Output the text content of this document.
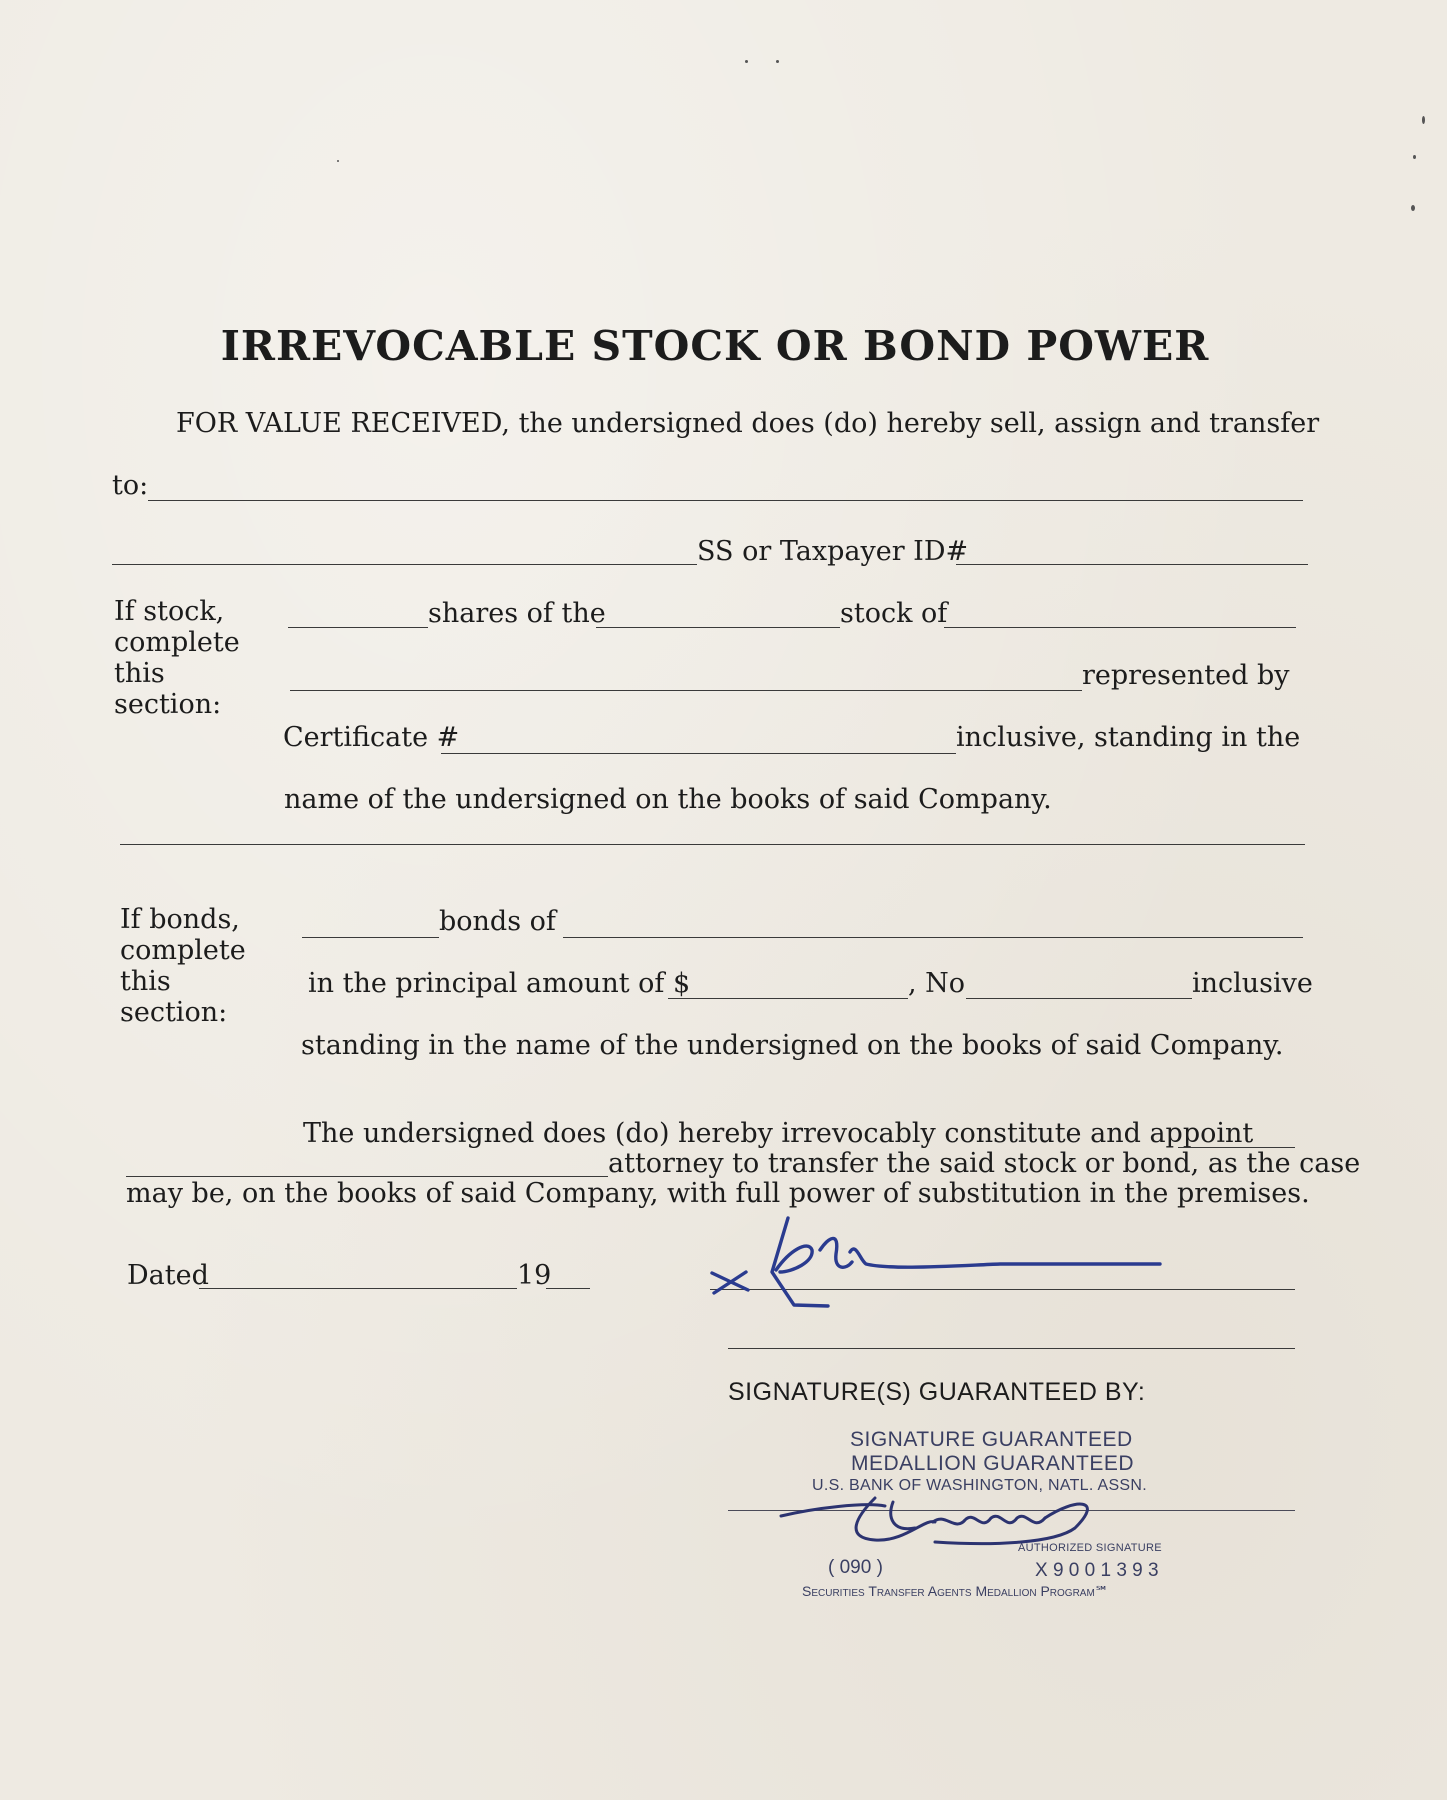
IRREVOCABLE STOCK OR BOND POWER
FOR VALUE RECEIVED, the undersigned does (do) hereby sell, assign and transfer
to:
SS or Taxpayer ID#
If stock,
complete
this
section:
shares of the	stock of
represented by
Certificate #	inclusive, standing in the
name of the undersigned on the books of said Company.
If bonds,
complete
this
section:
bonds of
in the principal amount of $	, No	inclusive
standing in the name of the undersigned on the books of said Company.
The undersigned does (do) hereby irrevocably constitute and appoint
attorney to transfer the said stock or bond, as the case
may be, on the books of said Company, with full power of substitution in the premises.
Dated	19
SIGNATURE(S) GUARANTEED BY:
SIGNATURE GUARANTEED
MEDALLION GUARANTEED
U.S. BANK OF WASHINGTON, NATL. ASSN.
AUTHORIZED SIGNATURE
( 090 )	X 9 0 0 1 3 9 3
Securities Transfer Agents Medallion Program℠
